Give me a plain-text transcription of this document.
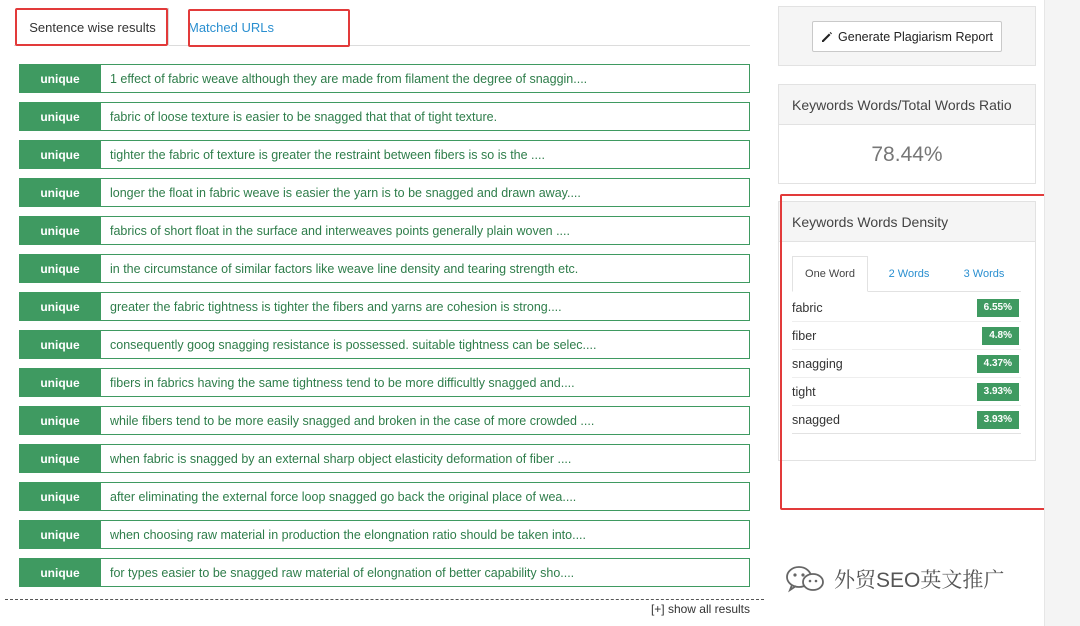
Sentence wise results	Matched URLs
unique	1 effect of fabric weave although they are made from filament the degree of snaggin....
unique	fabric of loose texture is easier to be snagged that that of tight texture.
unique	tighter the fabric of texture is greater the restraint between fibers is so is the ....
unique	longer the float in fabric weave is easier the yarn is to be snagged and drawn away....
unique	fabrics of short float in the surface and interweaves points generally plain woven ....
unique	in the circumstance of similar factors like weave line density and tearing strength etc.
unique	greater the fabric tightness is tighter the fibers and yarns are cohesion is strong....
unique	consequently goog snagging resistance is possessed. suitable tightness can be selec....
unique	fibers in fabrics having the same tightness tend to be more difficultly snagged and....
unique	while fibers tend to be more easily snagged and broken in the case of more crowded ....
unique	when fabric is snagged by an external sharp object elasticity deformation of fiber ....
unique	after eliminating the external force loop snagged go back the original place of wea....
unique	when choosing raw material in production the elongnation ratio should be taken into....
unique	for types easier to be snagged raw material of elongnation of better capability sho....
[+] show all results
Generate Plagiarism Report
Keywords Words/Total Words Ratio
78.44%
Keywords Words Density
One Word	2 Words	3 Words
fabric	6.55%
fiber	4.8%
snagging	4.37%
tight	3.93%
snagged	3.93%
外贸SEO英文推广
